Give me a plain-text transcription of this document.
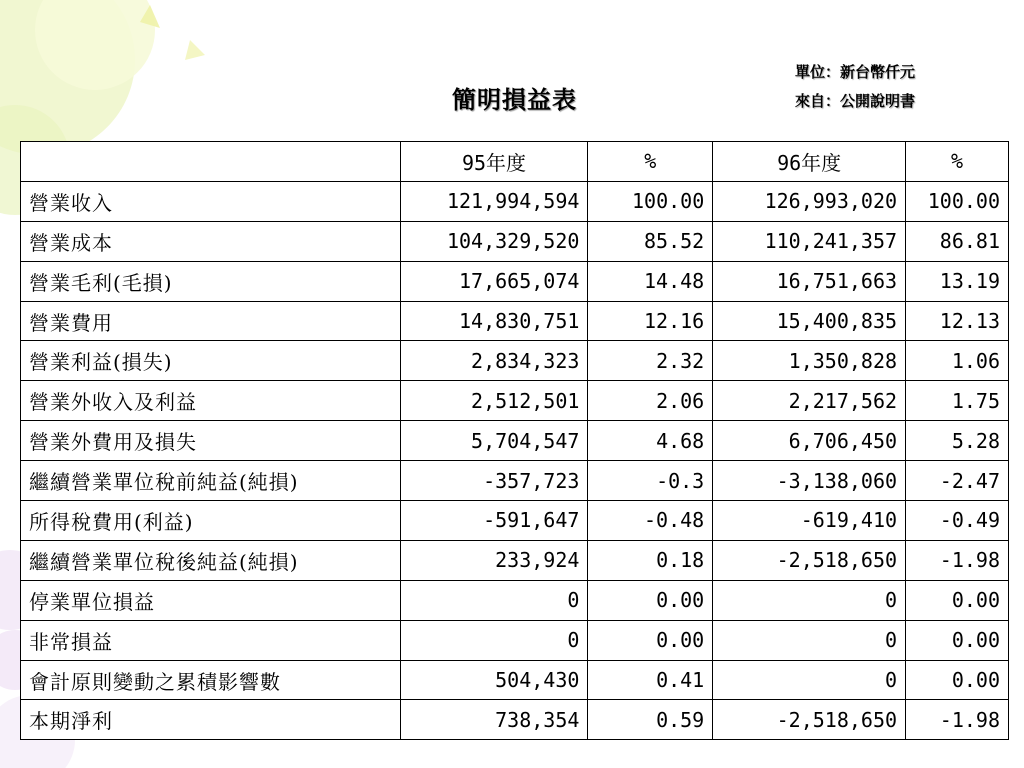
簡明損益表
單位：新台幣仟元
來自：公開說明書
	95年度	%	96年度	%
營業收入	121,994,594	100.00	126,993,020	100.00
營業成本	104,329,520	85.52	110,241,357	86.81
營業毛利(毛損)	17,665,074	14.48	16,751,663	13.19
營業費用	14,830,751	12.16	15,400,835	12.13
營業利益(損失)	2,834,323	2.32	1,350,828	1.06
營業外收入及利益	2,512,501	2.06	2,217,562	1.75
營業外費用及損失	5,704,547	4.68	6,706,450	5.28
繼續營業單位稅前純益(純損)	-357,723	-0.3	-3,138,060	-2.47
所得稅費用(利益)	-591,647	-0.48	-619,410	-0.49
繼續營業單位稅後純益(純損)	233,924	0.18	-2,518,650	-1.98
停業單位損益	0	0.00	0	0.00
非常損益	0	0.00	0	0.00
會計原則變動之累積影響數	504,430	0.41	0	0.00
本期淨利	738,354	0.59	-2,518,650	-1.98
